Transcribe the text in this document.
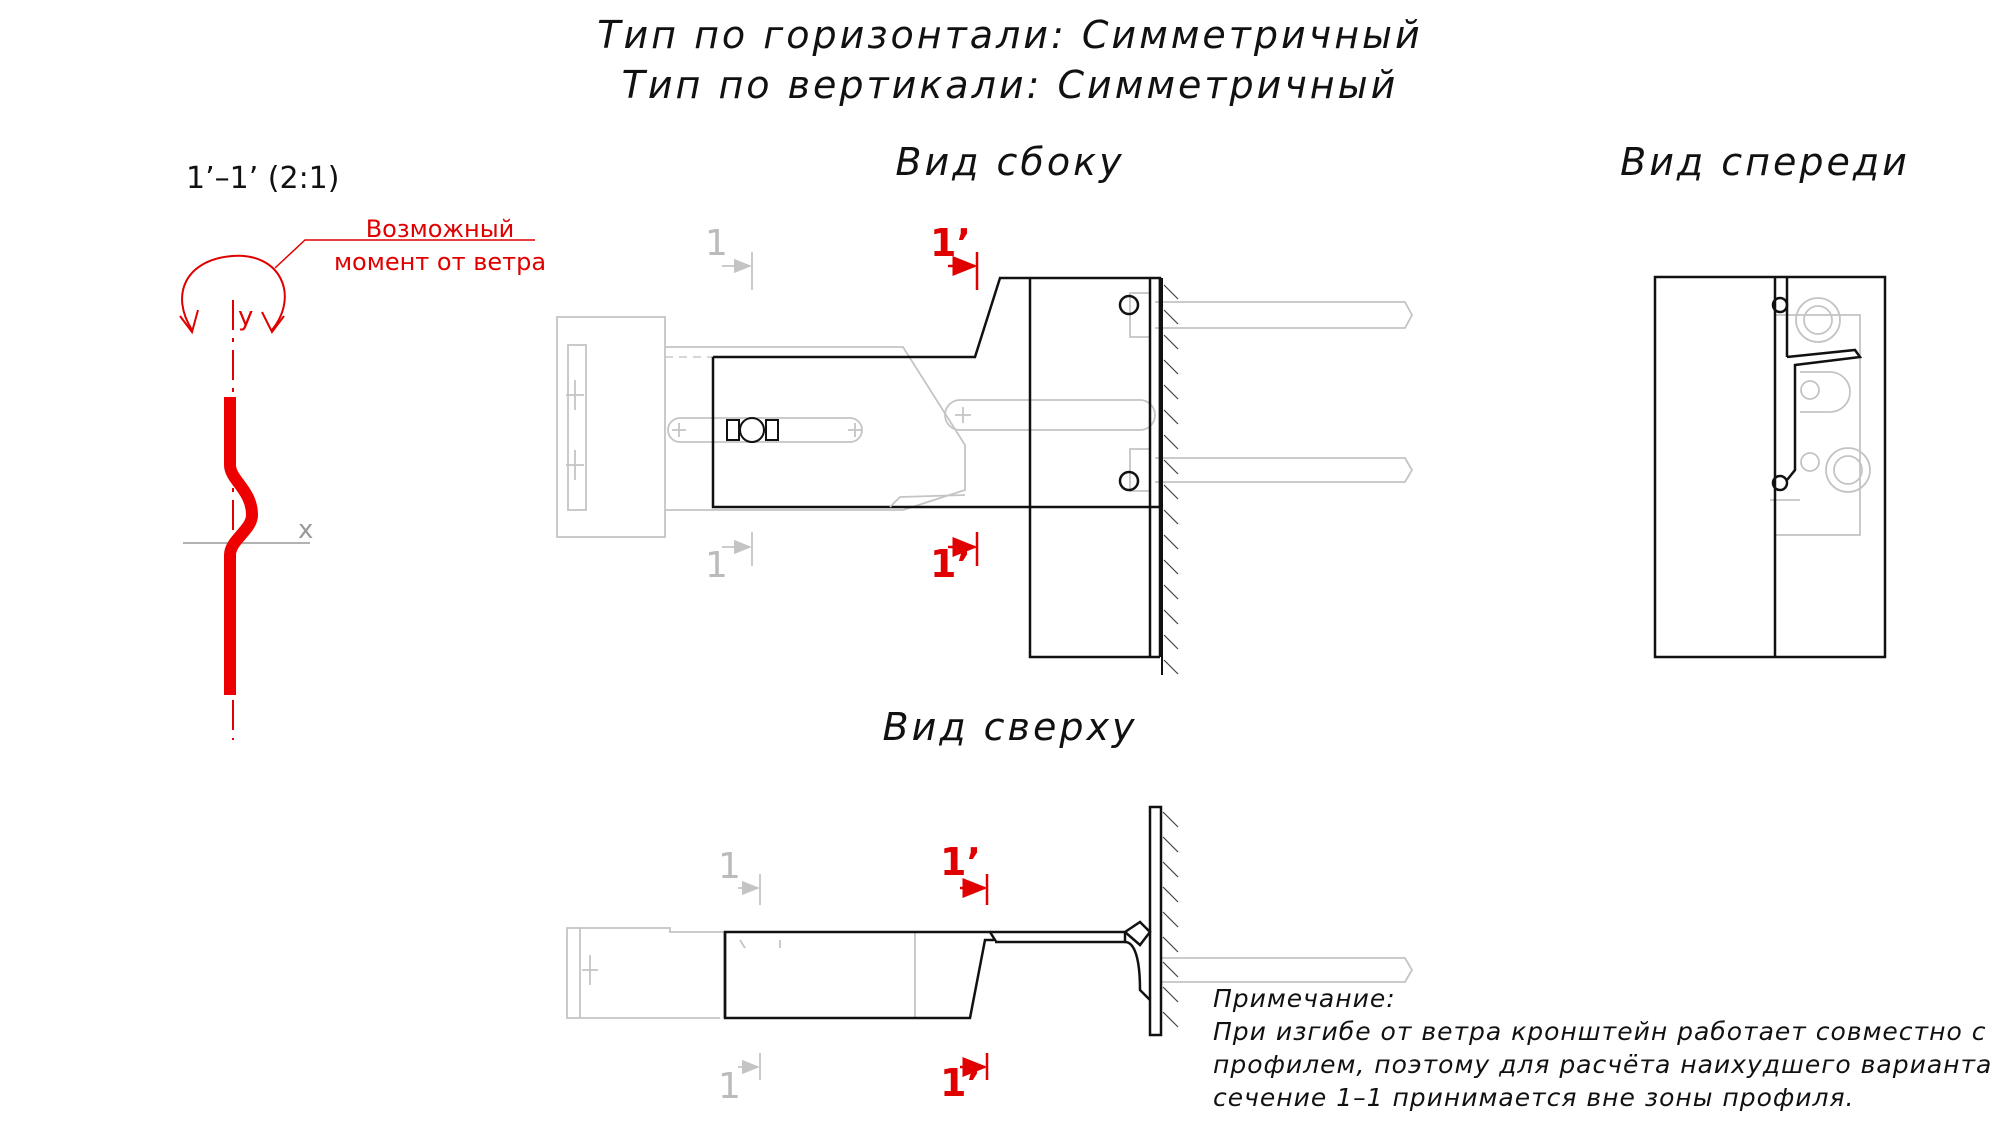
Тип по горизонтали: Симметричный
Тип по вертикали: Симметричный
1’–1’ (2:1)
Возможный
момент от ветра
y
x
Вид сбоку
1
1
1’
1’
Вид спереди
Вид сверху
1
1
1’
1’
Примечание:
При изгибе от ветра кронштейн работает совместно с
профилем, поэтому для расчёта наихудшего варианта
сечение 1–1 принимается вне зоны профиля.
